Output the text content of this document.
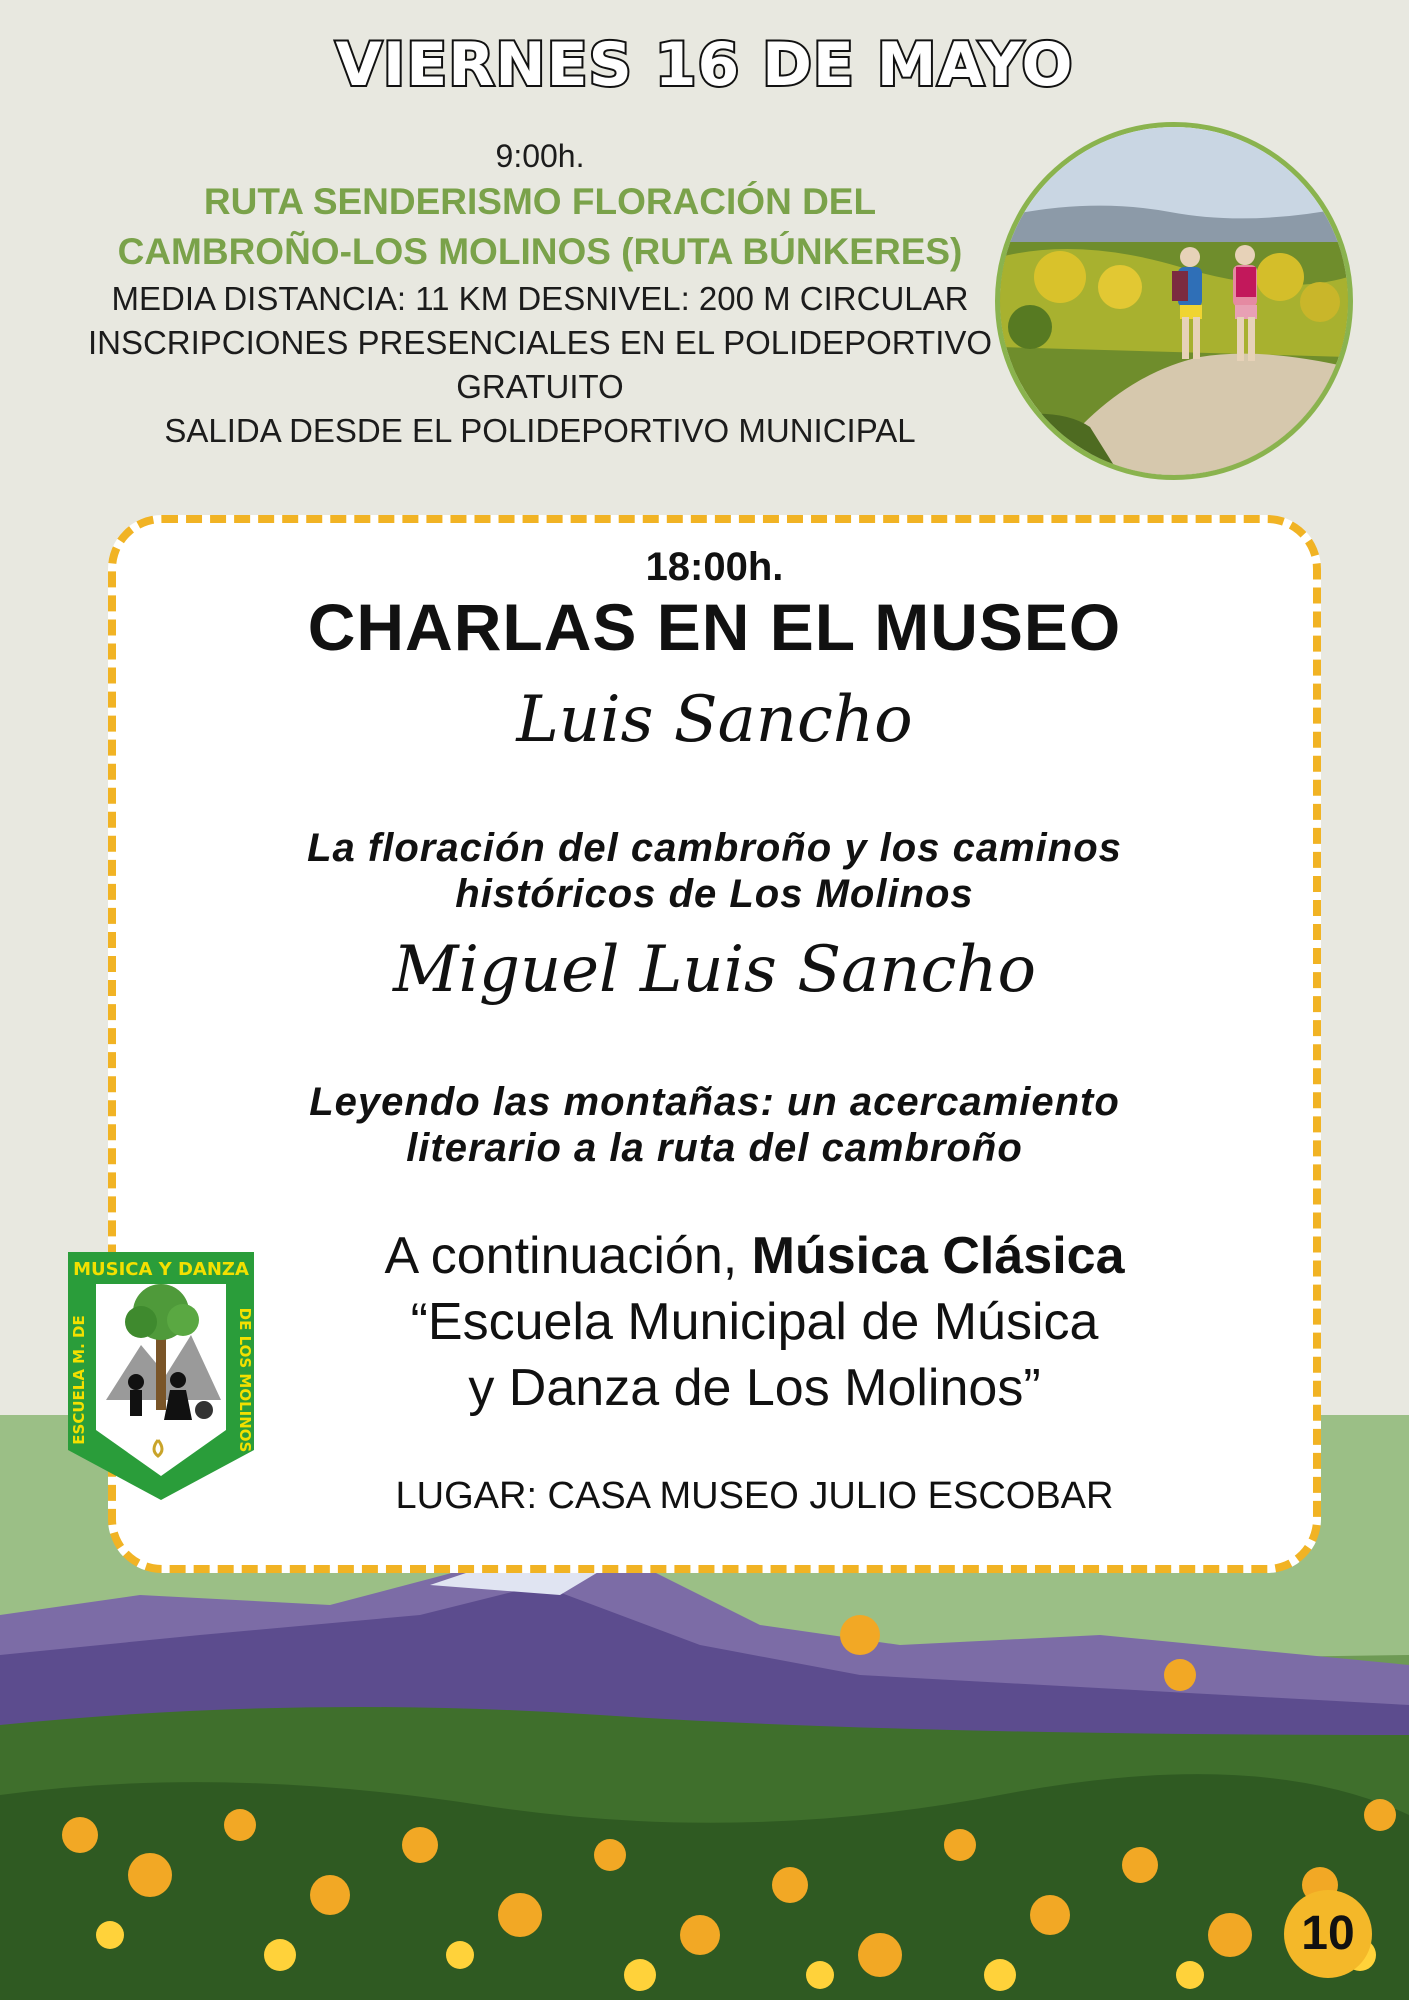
VIERNES 16 DE MAYO
9:00h.
RUTA SENDERISMO FLORACIÓN DEL
CAMBROÑO-LOS MOLINOS (RUTA BÚNKERES)
MEDIA DISTANCIA: 11 KM DESNIVEL: 200 M CIRCULAR
INSCRIPCIONES PRESENCIALES EN EL POLIDEPORTIVO
GRATUITO
SALIDA DESDE EL POLIDEPORTIVO MUNICIPAL
18:00h.
CHARLAS EN EL MUSEO
Luis Sancho
La floración del cambroño y los caminos
históricos de Los Molinos
Miguel Luis Sancho
Leyendo las montañas: un acercamiento
literario a la ruta del cambroño
A continuación, Música Clásica
“Escuela Municipal de Música
y Danza de Los Molinos”
LUGAR: CASA MUSEO JULIO ESCOBAR
MUSICA Y DANZA
ESCUELA M. DE	DE LOS MOLINOS
10
